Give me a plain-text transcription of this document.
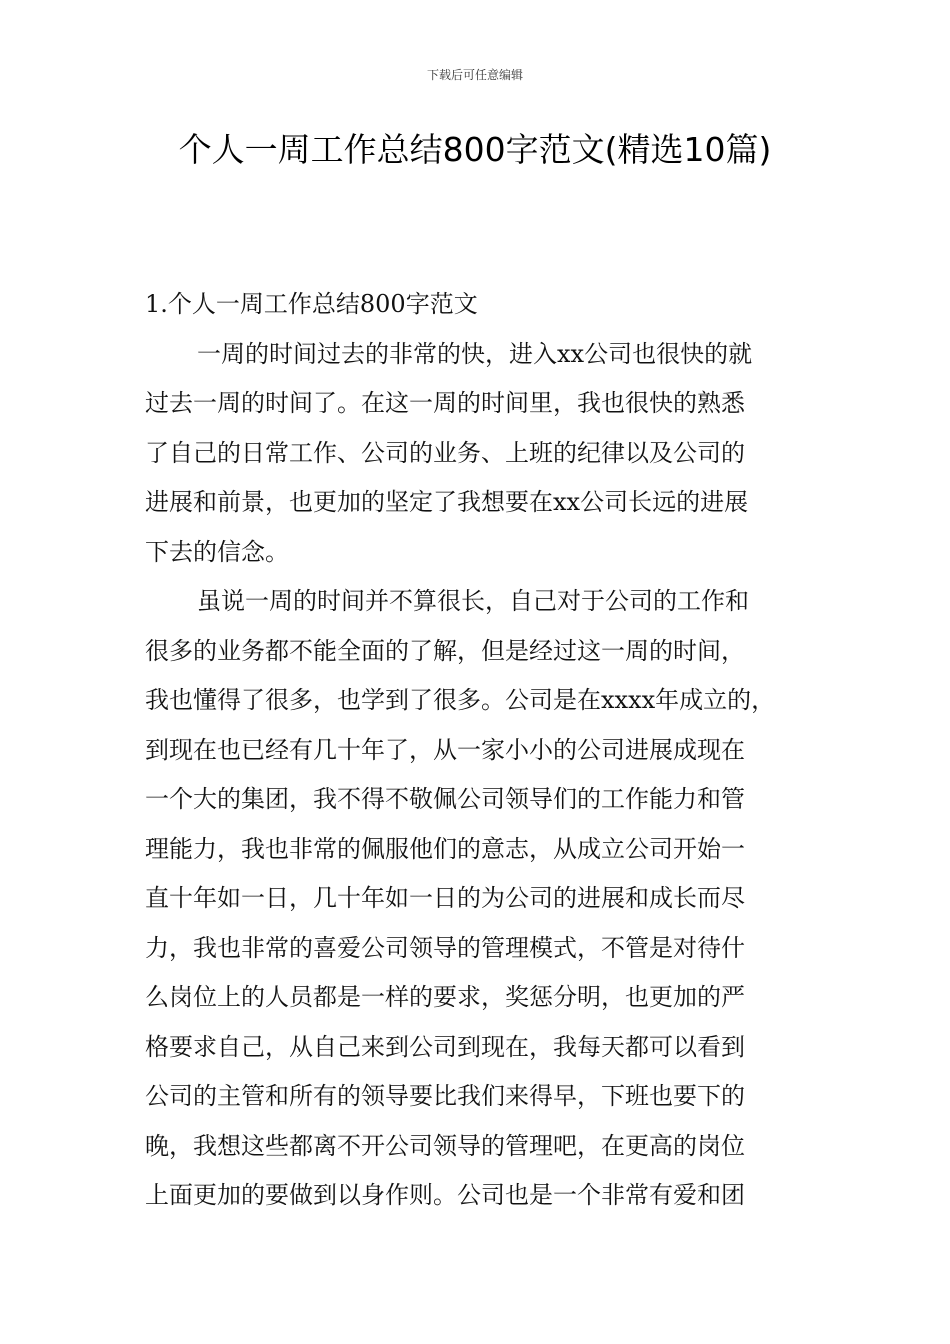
下载后可任意编辑
个人一周工作总结800字范文(精选10篇)

1.个人一周工作总结800字范文

一周的时间过去的非常的快，进入xx公司也很快的就

过去一周的时间了。在这一周的时间里，我也很快的熟悉

了自己的日常工作、公司的业务、上班的纪律以及公司的

进展和前景，也更加的坚定了我想要在xx公司长远的进展

下去的信念。

虽说一周的时间并不算很长，自己对于公司的工作和

很多的业务都不能全面的了解，但是经过这一周的时间，

我也懂得了很多，也学到了很多。公司是在xxxx年成立的，

到现在也已经有几十年了，从一家小小的公司进展成现在

一个大的集团，我不得不敬佩公司领导们的工作能力和管

理能力，我也非常的佩服他们的意志，从成立公司开始一

直十年如一日，几十年如一日的为公司的进展和成长而尽

力，我也非常的喜爱公司领导的管理模式，不管是对待什

么岗位上的人员都是一样的要求，奖惩分明，也更加的严

格要求自己，从自己来到公司到现在，我每天都可以看到

公司的主管和所有的领导要比我们来得早，下班也要下的

晚，我想这些都离不开公司领导的管理吧，在更高的岗位

上面更加的要做到以身作则。公司也是一个非常有爱和团
